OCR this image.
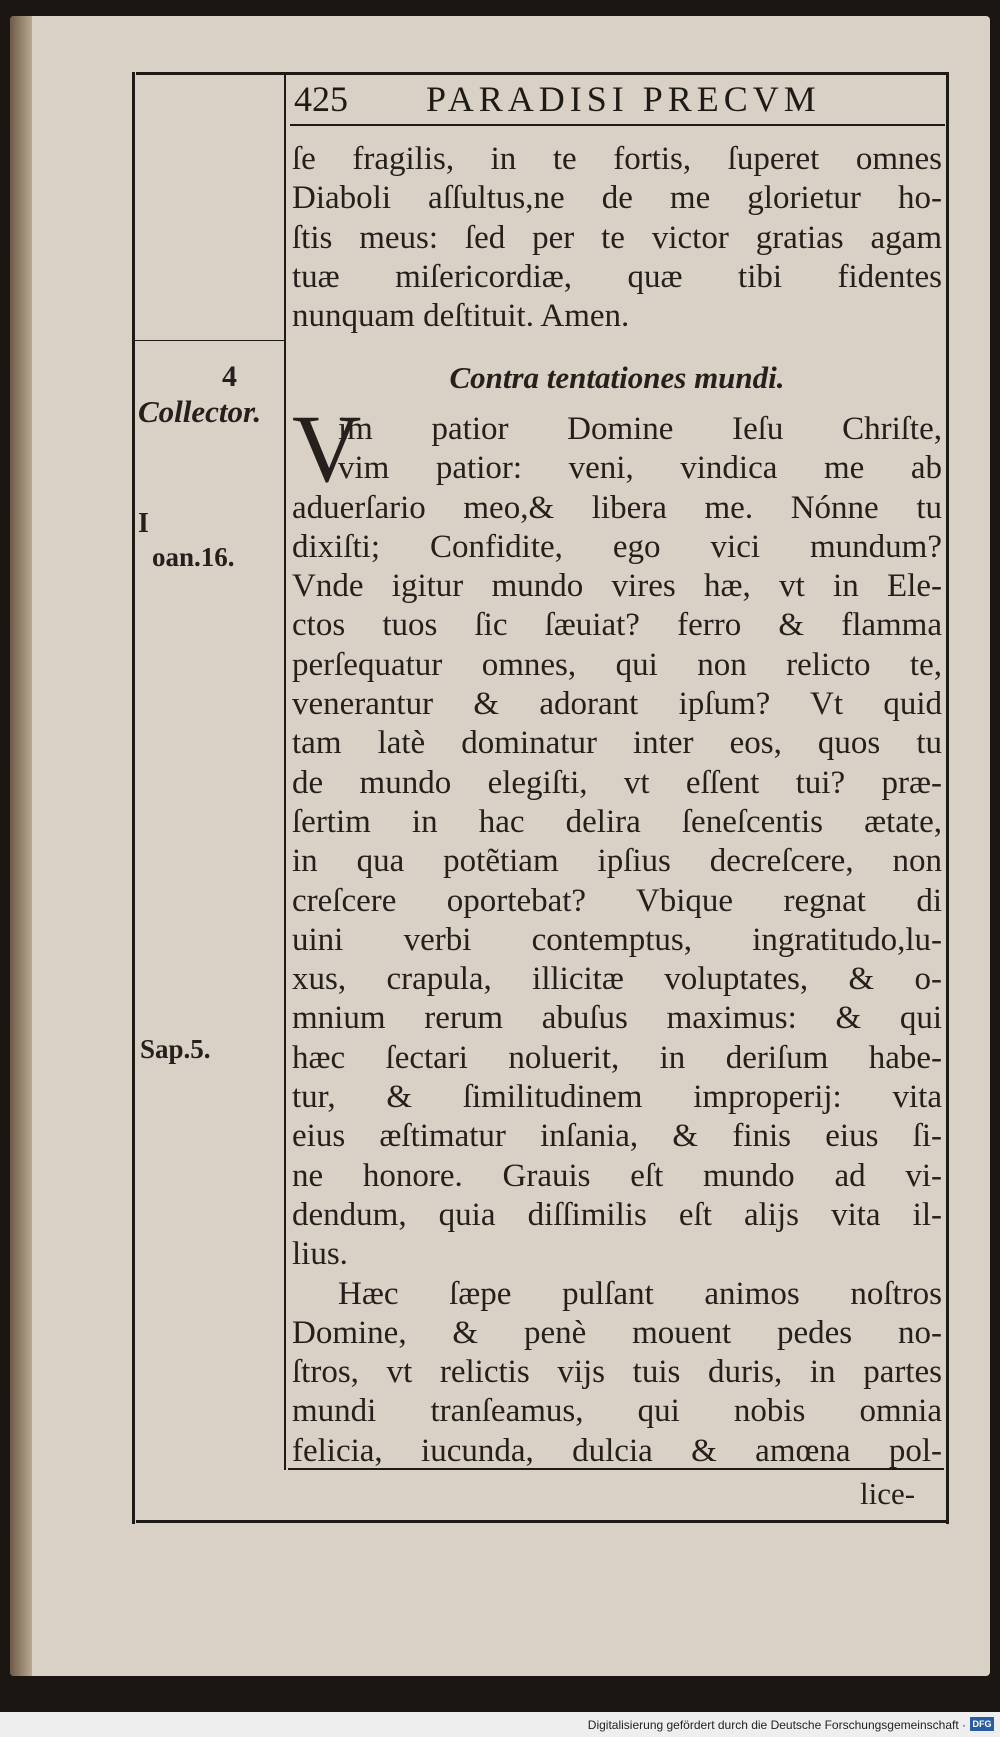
425 PARADISI PRECVM
ſe fragilis, in te fortis, ſuperet omnes
Diaboli aſſultus,ne de me glorietur ho-
ſtis meus: ſed per te victor gratias agam
tuæ miſericordiæ, quæ tibi fidentes
nunquam deſtituit. Amen.
4
Collector.
Contra tentationes mundi.
I
oan.16.
Sap.5.
V
im patior Domine Ieſu Chriſte,
vim patior: veni, vindica me ab
aduerſario meo,& libera me. Nónne tu
dixiſti; Confidite, ego vici mundum?
Vnde igitur mundo vires hæ, vt in Ele-
ctos tuos ſic ſæuiat? ferro & flamma
perſequatur omnes, qui non relicto te,
venerantur & adorant ipſum? Vt quid
tam latè dominatur inter eos, quos tu
de mundo elegiſti, vt eſſent tui? præ-
ſertim in hac delira ſeneſcentis ætate,
in qua potẽtiam ipſius decreſcere, non
creſcere oportebat? Vbique regnat di
uini verbi contemptus, ingratitudo,lu-
xus, crapula, illicitæ voluptates, & o-
mnium rerum abuſus maximus: & qui
hæc ſectari noluerit, in deriſum habe-
tur, & ſimilitudinem improperij: vita
eius æſtimatur inſania, & finis eius ſi-
ne honore. Grauis eſt mundo ad vi-
dendum, quia diſſimilis eſt alijs vita il-
lius.
Hæc ſæpe pulſant animos noſtros
Domine, & penè mouent pedes no-
ſtros, vt relictis vijs tuis duris, in partes
mundi tranſeamus, qui nobis omnia
felicia, iucunda, dulcia & amœna pol-
lice-
Digitalisierung gefördert durch die Deutsche Forschungsgemeinschaft · DFG
